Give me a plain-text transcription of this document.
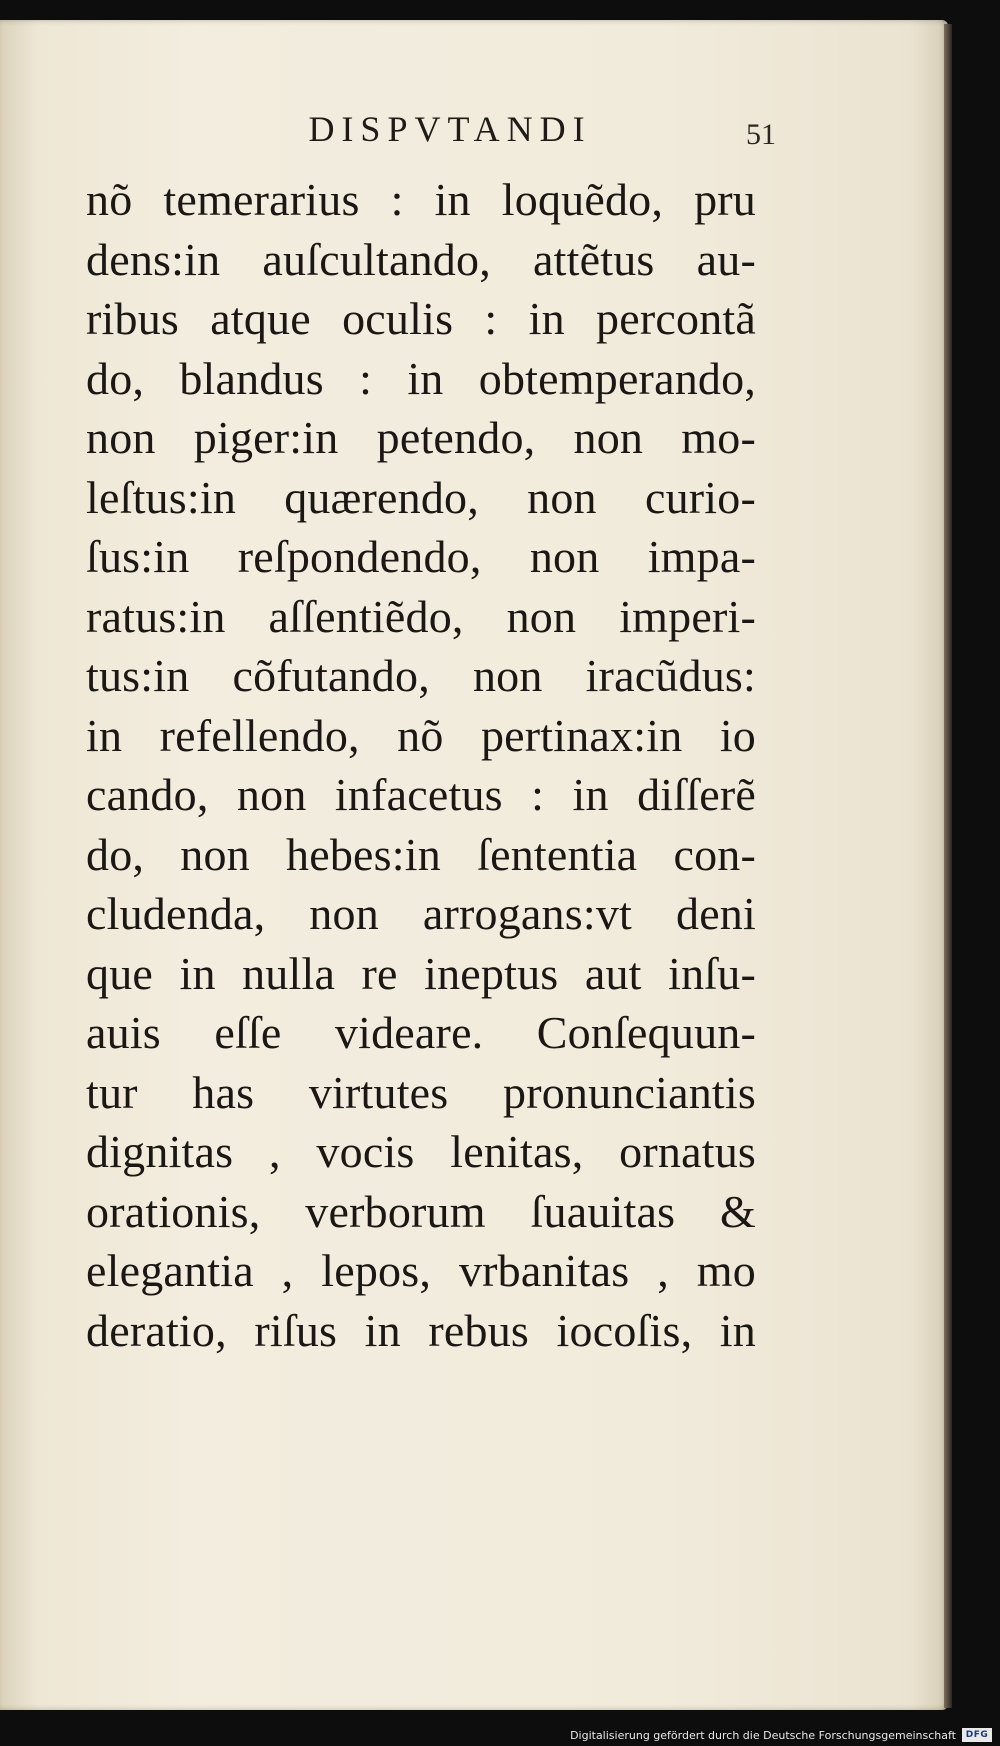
DISPVTANDI	51
nõ temerarius : in loquẽdo, pru
dens:in auſcultando, attẽtus au-
ribus atque oculis : in percontã
do, blandus : in obtemperando,
non piger:in petendo, non mo-
leſtus:in quærendo, non curio-
ſus:in reſpondendo, non impa-
ratus:in aſſentiẽdo, non imperi-
tus:in cõfutando, non iracũdus:
in refellendo, nõ pertinax:in io
cando, non infacetus : in diſſerẽ
do, non hebes:in ſententia con-
cludenda, non arrogans:vt deni
que in nulla re ineptus aut inſu-
auis eſſe videare. Conſequun-
tur has virtutes pronunciantis
dignitas , vocis lenitas, ornatus
orationis, verborum ſuauitas &
elegantia , lepos, vrbanitas , mo
deratio, riſus in rebus iocoſis, in
Digitalisierung gefördert durch die Deutsche Forschungsgemeinschaft	DFG
